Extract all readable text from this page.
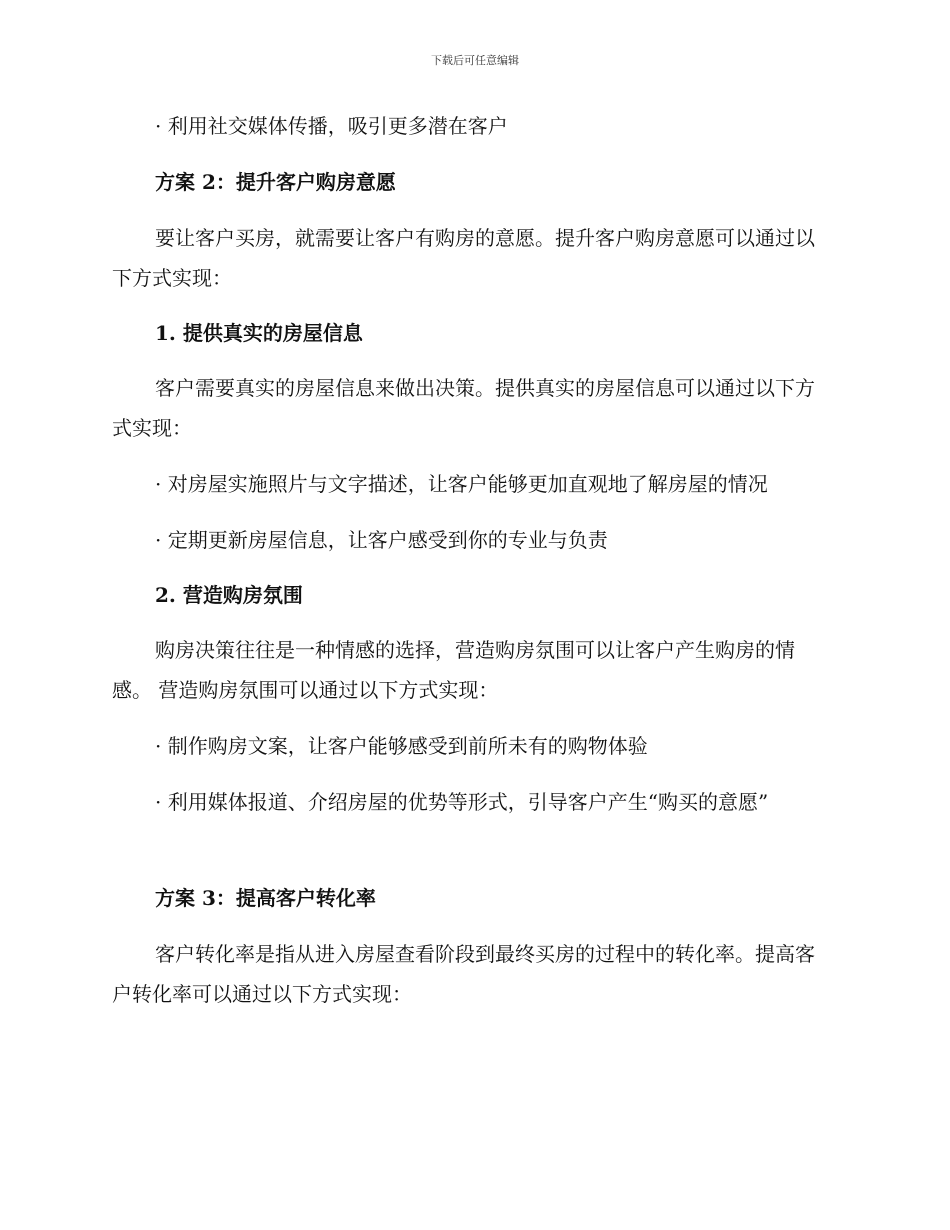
下载后可任意编辑

· 利用社交媒体传播，吸引更多潜在客户

方案 2：提升客户购房意愿

要让客户买房，就需要让客户有购房的意愿。提升客户购房意愿可以通过以下方式实现：

1. 提供真实的房屋信息

客户需要真实的房屋信息来做出决策。提供真实的房屋信息可以通过以下方式实现：

· 对房屋实施照片与文字描述，让客户能够更加直观地了解房屋的情况

· 定期更新房屋信息，让客户感受到你的专业与负责

2. 营造购房氛围

购房决策往往是一种情感的选择，营造购房氛围可以让客户产生购房的情感。 营造购房氛围可以通过以下方式实现：

· 制作购房文案，让客户能够感受到前所未有的购物体验

· 利用媒体报道、介绍房屋的优势等形式，引导客户产生“购买的意愿”

方案 3：提高客户转化率

客户转化率是指从进入房屋查看阶段到最终买房的过程中的转化率。提高客户转化率可以通过以下方式实现：
